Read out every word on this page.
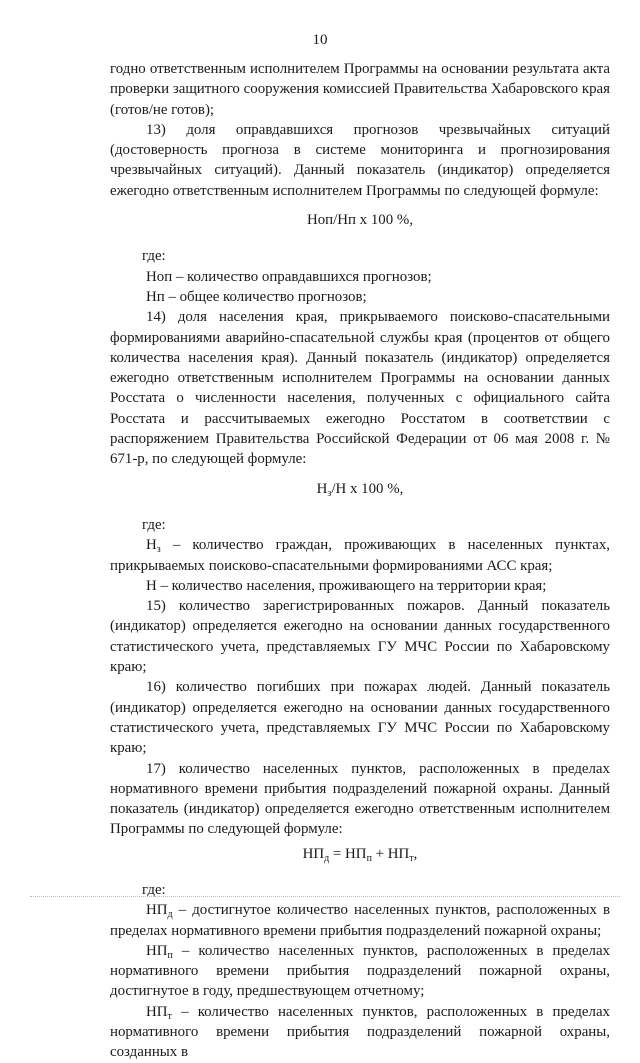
10

годно ответственным исполнителем Программы на основании результата акта проверки защитного сооружения комиссией Правительства Хабаровского края (готов/не готов);

13) доля оправдавшихся прогнозов чрезвычайных ситуаций (достоверность прогноза в системе мониторинга и прогнозирования чрезвычайных ситуаций). Данный показатель (индикатор) определяется ежегодно ответственным исполнителем Программы по следующей формуле:

Ноп/Нп х 100 %,

где:

Ноп – количество оправдавшихся прогнозов;

Нп – общее количество прогнозов;

14) доля населения края, прикрываемого поисково-спасательными формированиями аварийно-спасательной службы края (процентов от общего количества населения края). Данный показатель (индикатор) определяется ежегодно ответственным исполнителем Программы на основании данных Росстата о численности населения, полученных с официального сайта Росстата и рассчитываемых ежегодно Росстатом в соответствии с распоряжением Правительства Российской Федерации от 06 мая 2008 г. № 671-р, по следующей формуле:

$Н_з/Н$ х 100 %,

где:

$Н_з$ – количество граждан, проживающих в населенных пунктах, прикрываемых поисково-спасательными формированиями АСС края;

Н – количество населения, проживающего на территории края;

15) количество зарегистрированных пожаров. Данный показатель (индикатор) определяется ежегодно на основании данных государственного статистического учета, представляемых ГУ МЧС России по Хабаровскому краю;

16) количество погибших при пожарах людей. Данный показатель (индикатор) определяется ежегодно на основании данных государственного статистического учета, представляемых ГУ МЧС России по Хабаровскому краю;

17) количество населенных пунктов, расположенных в пределах нормативного времени прибытия подразделений пожарной охраны. Данный показатель (индикатор) определяется ежегодно ответственным исполнителем Программы по следующей формуле:

$НП_д = НП_п + НП_т$,

где:

$НП_д$ – достигнутое количество населенных пунктов, расположенных в пределах нормативного времени прибытия подразделений пожарной охраны;

$НП_п$ – количество населенных пунктов, расположенных в пределах нормативного времени прибытия подразделений пожарной охраны, достигнутое в году, предшествующем отчетному;

$НП_т$ – количество населенных пунктов, расположенных в пределах нормативного времени прибытия подразделений пожарной охраны, созданных в
